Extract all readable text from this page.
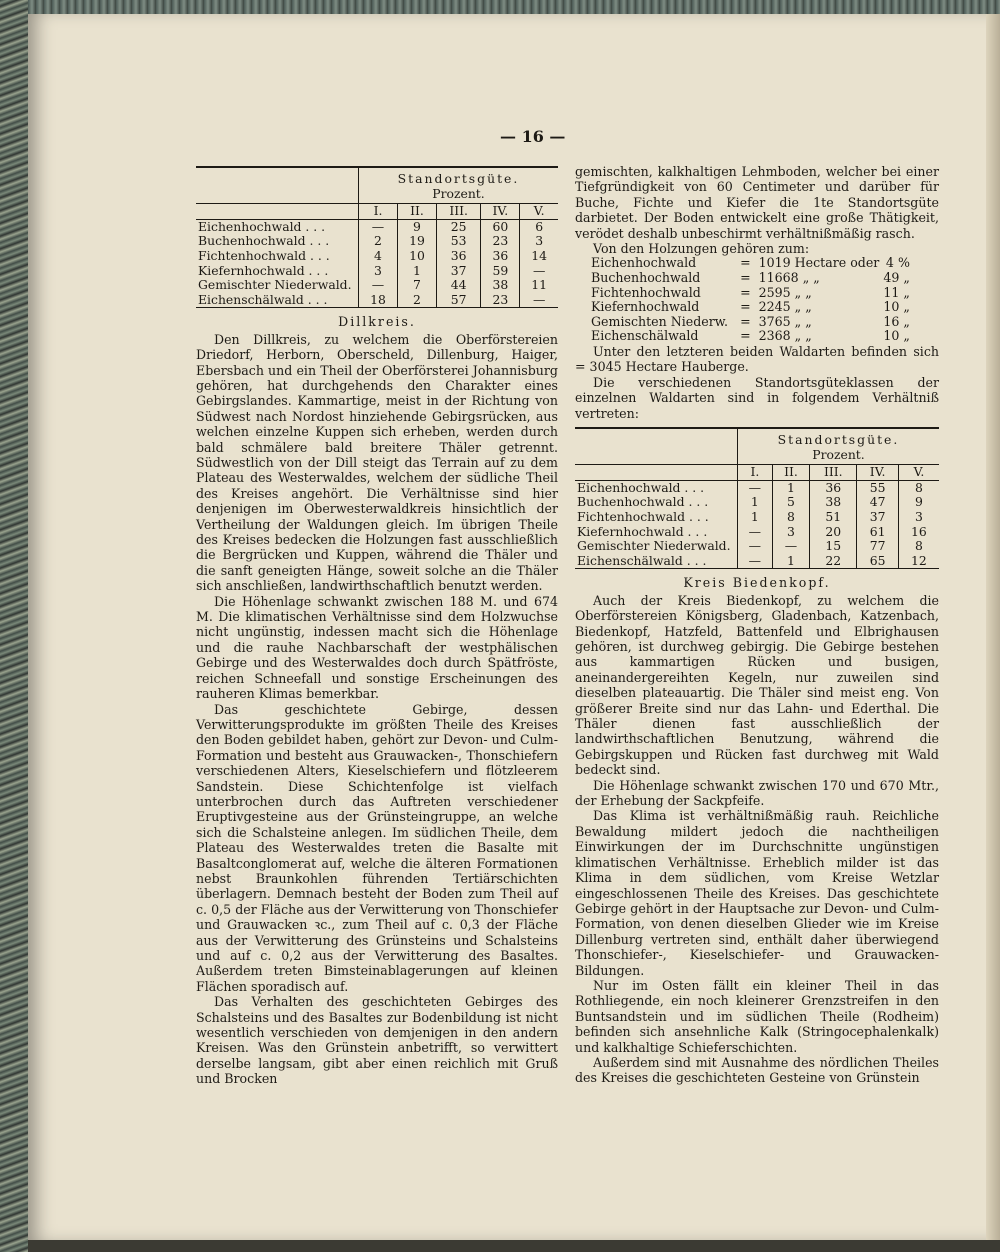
— 16 —
	Standortsgüte.				
	Prozent.				
	I.	II.	III.	IV.	V.
Eichenhochwald . . .	—	9	25	60	6
Buchenhochwald . . .	2	19	53	23	3
Fichtenhochwald . . .	4	10	36	36	14
Kiefernhochwald . . .	3	1	37	59	—
Gemischter Niederwald.	—	7	44	38	11
Eichenschälwald . . .	18	2	57	23	—
Dillkreis.

Den Dillkreis, zu welchem die Oberförstereien Driedorf, Herborn, Oberscheld, Dillenburg, Haiger, Ebersbach und ein Theil der Oberförsterei Johannisburg gehören, hat durchgehends den Charakter eines Gebirgslandes. Kammartige, meist in der Richtung von Südwest nach Nordost hinziehende Gebirgsrücken, aus welchen einzelne Kuppen sich erheben, werden durch bald schmälere bald breitere Thäler getrennt. Südwestlich von der Dill steigt das Terrain auf zu dem Plateau des Westerwaldes, welchem der südliche Theil des Kreises angehört. Die Verhältnisse sind hier denjenigen im Oberwesterwaldkreis hinsichtlich der Vertheilung der Waldungen gleich. Im übrigen Theile des Kreises bedecken die Holzungen fast ausschließlich die Bergrücken und Kuppen, während die Thäler und die sanft geneigten Hänge, soweit solche an die Thäler sich anschließen, landwirthschaftlich benutzt werden.

Die Höhenlage schwankt zwischen 188 M. und 674 M. Die klimatischen Verhältnisse sind dem Holzwuchse nicht ungünstig, indessen macht sich die Höhenlage und die rauhe Nachbarschaft der westphälischen Gebirge und des Westerwaldes doch durch Spätfröste, reichen Schneefall und sonstige Erscheinungen des rauheren Klimas bemerkbar.

Das geschichtete Gebirge, dessen Verwitterungsprodukte im größten Theile des Kreises den Boden gebildet haben, gehört zur Devon- und Culm-Formation und besteht aus Grauwacken-, Thonschiefern verschiedenen Alters, Kieselschiefern und flötzleerem Sandstein. Diese Schichtenfolge ist vielfach unterbrochen durch das Auftreten verschiedener Eruptivgesteine aus der Grünsteingruppe, an welche sich die Schalsteine anlegen. Im südlichen Theile, dem Plateau des Westerwaldes treten die Basalte mit Basaltconglomerat auf, welche die älteren Formationen nebst Braunkohlen führenden Tertiärschichten überlagern. Demnach besteht der Boden zum Theil auf c. 0,5 der Fläche aus der Verwitterung von Thonschiefer und Grauwacken ꝛc., zum Theil auf c. 0,3 der Fläche aus der Verwitterung des Grünsteins und Schalsteins und auf c. 0,2 aus der Verwitterung des Basaltes. Außerdem treten Bimsteinablagerungen auf kleinen Flächen sporadisch auf.

Das Verhalten des geschichteten Gebirges des Schalsteins und des Basaltes zur Bodenbildung ist nicht wesentlich verschieden von demjenigen in den andern Kreisen. Was den Grünstein anbetrifft, so verwittert derselbe langsam, gibt aber einen reichlich mit Gruß und Brocken

gemischten, kalkhaltigen Lehmboden, welcher bei einer Tiefgründigkeit von 60 Centimeter und darüber für Buche, Fichte und Kiefer die 1te Standortsgüte darbietet. Der Boden entwickelt eine große Thätigkeit, verödet deshalb unbeschirmt verhältnißmäßig rasch.

Von den Holzungen gehören zum:

Eichenhochwald	=	1019 Hectare oder	4 %
Buchenhochwald	=	11668 „ „	49 „
Fichtenhochwald	=	2595 „ „	11 „
Kiefernhochwald	=	2245 „ „	10 „
Gemischten Niederw.	=	3765 „ „	16 „
Eichenschälwald	=	2368 „ „	10 „

Unter den letzteren beiden Waldarten befinden sich = 3045 Hectare Hauberge.

Die verschiedenen Standortsgüteklassen der einzelnen Waldarten sind in folgendem Verhältniß vertreten:

	Standortsgüte.				
	Prozent.				
	I.	II.	III.	IV.	V.
Eichenhochwald . . .	—	1	36	55	8
Buchenhochwald . . .	1	5	38	47	9
Fichtenhochwald . . .	1	8	51	37	3
Kiefernhochwald . . .	—	3	20	61	16
Gemischter Niederwald.	—	—	15	77	8
Eichenschälwald . . .	—	1	22	65	12
Kreis Biedenkopf.

Auch der Kreis Biedenkopf, zu welchem die Oberförstereien Königsberg, Gladenbach, Katzenbach, Biedenkopf, Hatzfeld, Battenfeld und Elbrighausen gehören, ist durchweg gebirgig. Die Gebirge bestehen aus kammartigen Rücken und busigen, aneinandergereihten Kegeln, nur zuweilen sind dieselben plateauartig. Die Thäler sind meist eng. Von größerer Breite sind nur das Lahn- und Ederthal. Die Thäler dienen fast ausschließlich der landwirthschaftlichen Benutzung, während die Gebirgskuppen und Rücken fast durchweg mit Wald bedeckt sind.

Die Höhenlage schwankt zwischen 170 und 670 Mtr., der Erhebung der Sackpfeife.

Das Klima ist verhältnißmäßig rauh. Reichliche Bewaldung mildert jedoch die nachtheiligen Einwirkungen der im Durchschnitte ungünstigen klimatischen Verhältnisse. Erheblich milder ist das Klima in dem südlichen, vom Kreise Wetzlar eingeschlossenen Theile des Kreises. Das geschichtete Gebirge gehört in der Hauptsache zur Devon- und Culm-Formation, von denen dieselben Glieder wie im Kreise Dillenburg vertreten sind, enthält daher überwiegend Thonschiefer-, Kieselschiefer- und Grauwacken-Bildungen.

Nur im Osten fällt ein kleiner Theil in das Rothliegende, ein noch kleinerer Grenzstreifen in den Buntsandstein und im südlichen Theile (Rodheim) befinden sich ansehnliche Kalk (Stringocephalenkalk) und kalkhaltige Schieferschichten.

Außerdem sind mit Ausnahme des nördlichen Theiles des Kreises die geschichteten Gesteine von Grünstein
